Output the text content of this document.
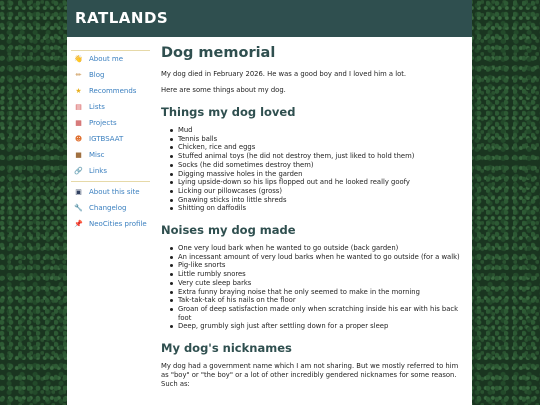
RATLANDS
👋 About me
✏ Blog
★ Recommends
▤ Lists
▦ Projects
☻ IGTBSAAT
■ Misc
🔗 Links
▣ About this site
🔧 Changelog
📌 NeoCities profile
Dog memorial

My dog died in February 2026. He was a good boy and I loved him a lot.

Here are some things about my dog.

Things my dog loved
Mud
Tennis balls
Chicken, rice and eggs
Stuffed animal toys (he did not destroy them, just liked to hold them)
Socks (he did sometimes destroy them)
Digging massive holes in the garden
Lying upside-down so his lips flopped out and he looked really goofy
Licking our pillowcases (gross)
Gnawing sticks into little shreds
Shitting on daffodils
Noises my dog made
One very loud bark when he wanted to go outside (back garden)
An incessant amount of very loud barks when he wanted to go outside (for a walk)
Pig-like snorts
Little rumbly snores
Very cute sleep barks
Extra funny braying noise that he only seemed to make in the morning
Tak-tak-tak of his nails on the floor
Groan of deep satisfaction made only when scratching inside his ear with his back foot
Deep, grumbly sigh just after settling down for a proper sleep
My dog's nicknames

My dog had a government name which I am not sharing. But we mostly referred to him as "boy" or "the boy" or a lot of other incredibly gendered nicknames for some reason. Such as:
